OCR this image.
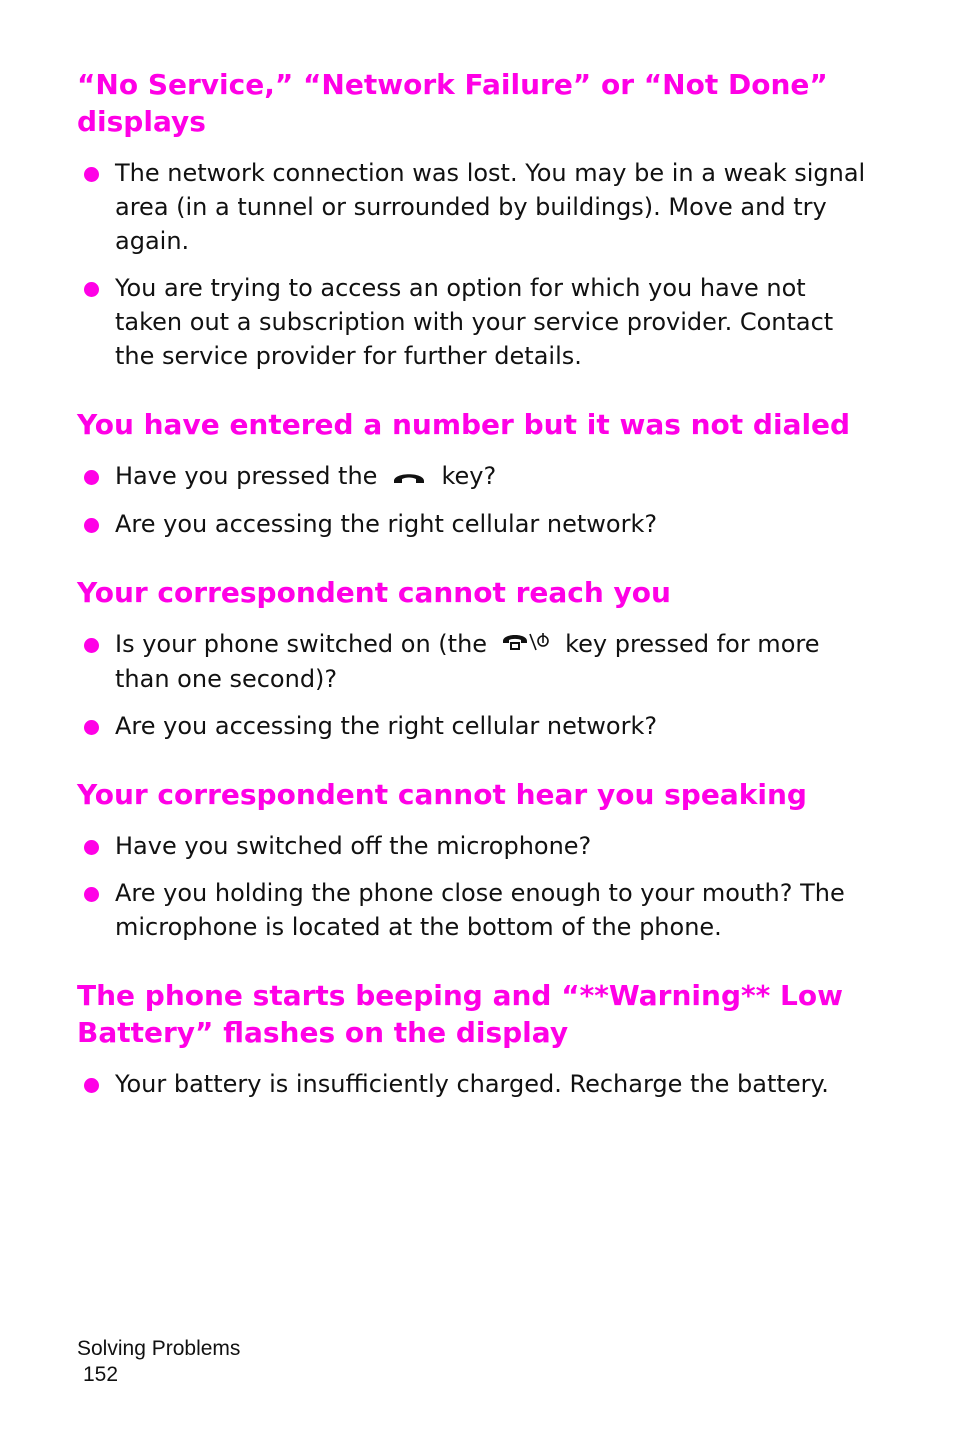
“No Service,” “Network Failure” or “Not Done” displays
The network connection was lost. You may be in a weak signal area (in a tunnel or surrounded by buildings). Move and try again.
You are trying to access an option for which you have not taken out a subscription with your service provider. Contact the service provider for further details.
You have entered a number but it was not dialed
Have you pressed the	key?
Are you accessing the right cellular network?
Your correspondent cannot reach you
Is your phone switched on (the	key pressed for more than one second)?
Are you accessing the right cellular network?
Your correspondent cannot hear you speaking
Have you switched off the microphone?
Are you holding the phone close enough to your mouth? The microphone is located at the bottom of the phone.
The phone starts beeping and “**Warning** Low Battery” flashes on the display
Your battery is insufficiently charged. Recharge the battery.
Solving Problems
152
